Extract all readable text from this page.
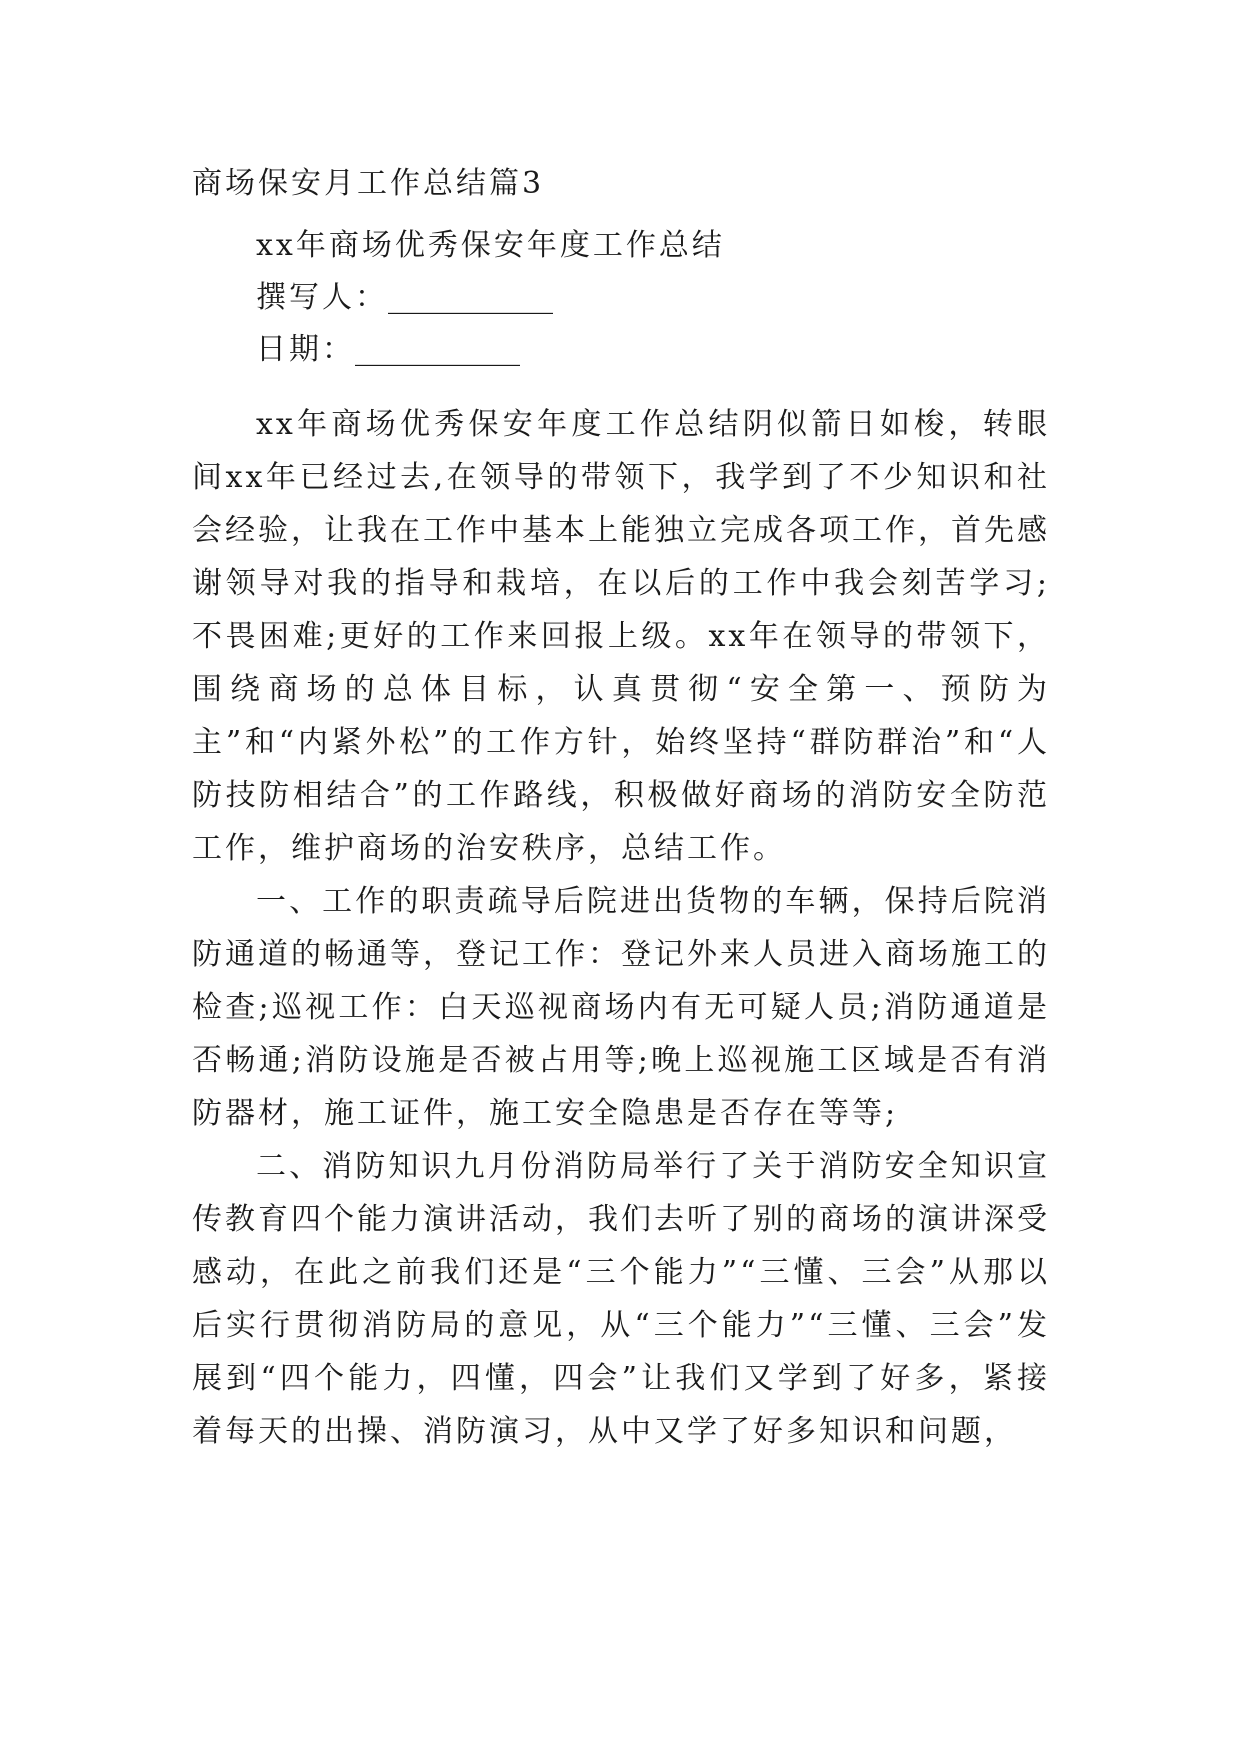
商场保安月工作总结篇3
xx年商场优秀保安年度工作总结
撰写人：___________
日期：___________

xx年商场优秀保安年度工作总结阴似箭日如梭，转眼间xx年已经过去,在领导的带领下，我学到了不少知识和社会经验，让我在工作中基本上能独立完成各项工作，首先感谢领导对我的指导和栽培，在以后的工作中我会刻苦学习;不畏困难;更好的工作来回报上级。xx年在领导的带领下，围绕商场的总体目标，认真贯彻“安全第一、预防为主”和“内紧外松”的工作方针，始终坚持“群防群治”和“人防技防相结合”的工作路线，积极做好商场的消防安全防范工作，维护商场的治安秩序，总结工作。

一、工作的职责疏导后院进出货物的车辆，保持后院消防通道的畅通等，登记工作：登记外来人员进入商场施工的检查;巡视工作：白天巡视商场内有无可疑人员;消防通道是否畅通;消防设施是否被占用等;晚上巡视施工区域是否有消防器材，施工证件，施工安全隐患是否存在等等;

二、消防知识九月份消防局举行了关于消防安全知识宣传教育四个能力演讲活动，我们去听了别的商场的演讲深受感动，在此之前我们还是“三个能力”“三懂、三会”从那以后实行贯彻消防局的意见，从“三个能力”“三懂、三会”发展到“四个能力，四懂，四会”让我们又学到了好多，紧接着每天的出操、消防演习，从中又学了好多知识和问题，
